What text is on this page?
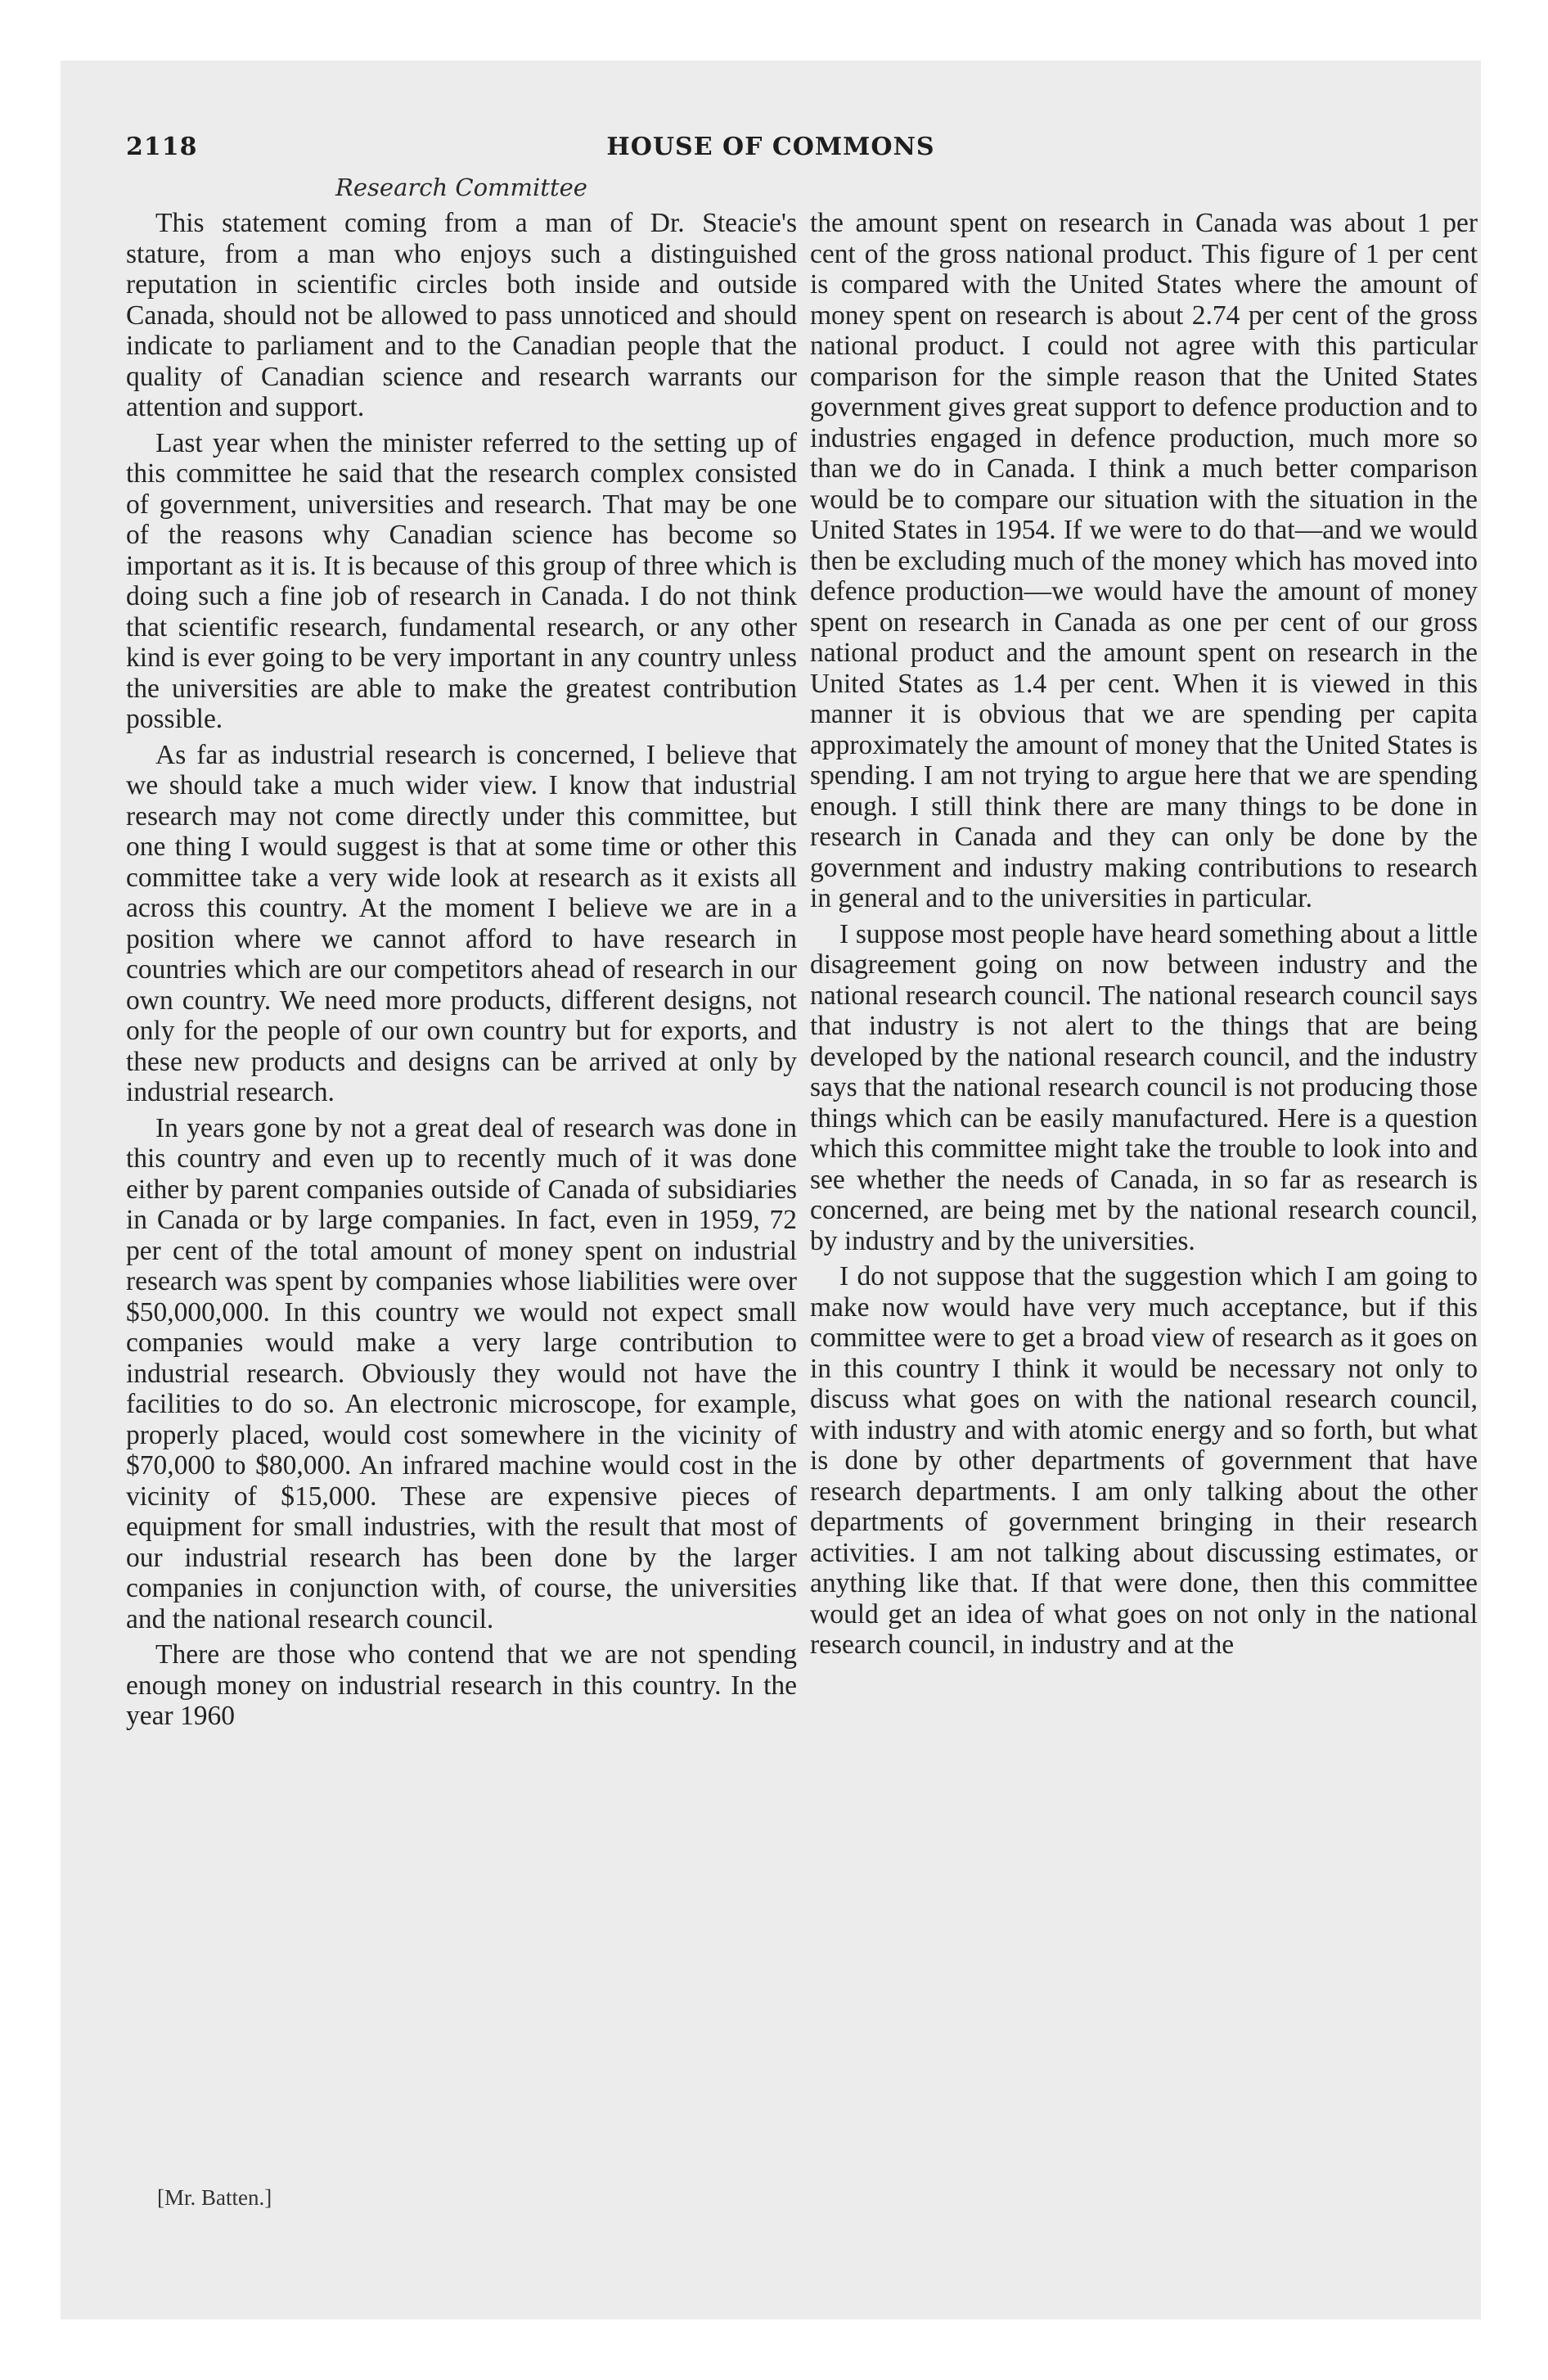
2118	HOUSE OF COMMONS
Research Committee

This statement coming from a man of Dr. Steacie's stature, from a man who enjoys such a distinguished reputation in scientific circles both inside and outside Canada, should not be allowed to pass unnoticed and should indicate to parliament and to the Canadian people that the quality of Canadian science and research warrants our attention and support.

Last year when the minister referred to the setting up of this committee he said that the research complex consisted of government, universities and research. That may be one of the reasons why Canadian science has become so important as it is. It is because of this group of three which is doing such a fine job of research in Canada. I do not think that scientific research, fundamental research, or any other kind is ever going to be very important in any country unless the universities are able to make the greatest contribution possible.

As far as industrial research is concerned, I believe that we should take a much wider view. I know that industrial research may not come directly under this committee, but one thing I would suggest is that at some time or other this committee take a very wide look at research as it exists all across this country. At the moment I believe we are in a position where we cannot afford to have research in countries which are our competitors ahead of research in our own country. We need more products, different designs, not only for the people of our own country but for exports, and these new products and designs can be arrived at only by industrial research.

In years gone by not a great deal of research was done in this country and even up to recently much of it was done either by parent companies outside of Canada of subsidiaries in Canada or by large companies. In fact, even in 1959, 72 per cent of the total amount of money spent on industrial research was spent by companies whose liabilities were over $50,000,000. In this country we would not expect small companies would make a very large contribution to industrial research. Obviously they would not have the facilities to do so. An electronic microscope, for example, properly placed, would cost somewhere in the vicinity of $70,000 to $80,000. An infrared machine would cost in the vicinity of $15,000. These are expensive pieces of equipment for small industries, with the result that most of our industrial research has been done by the larger companies in conjunction with, of course, the universities and the national research council.

There are those who contend that we are not spending enough money on industrial research in this country. In the year 1960

the amount spent on research in Canada was about 1 per cent of the gross national product. This figure of 1 per cent is compared with the United States where the amount of money spent on research is about 2.74 per cent of the gross national product. I could not agree with this particular comparison for the simple reason that the United States government gives great support to defence production and to industries engaged in defence production, much more so than we do in Canada. I think a much better comparison would be to compare our situation with the situation in the United States in 1954. If we were to do that—and we would then be excluding much of the money which has moved into defence production—we would have the amount of money spent on research in Canada as one per cent of our gross national product and the amount spent on research in the United States as 1.4 per cent. When it is viewed in this manner it is obvious that we are spending per capita approximately the amount of money that the United States is spending. I am not trying to argue here that we are spending enough. I still think there are many things to be done in research in Canada and they can only be done by the government and industry making contributions to research in general and to the universities in particular.

I suppose most people have heard something about a little disagreement going on now between industry and the national research council. The national research council says that industry is not alert to the things that are being developed by the national research council, and the industry says that the national research council is not producing those things which can be easily manufactured. Here is a question which this committee might take the trouble to look into and see whether the needs of Canada, in so far as research is concerned, are being met by the national research council, by industry and by the universities.

I do not suppose that the suggestion which I am going to make now would have very much acceptance, but if this committee were to get a broad view of research as it goes on in this country I think it would be necessary not only to discuss what goes on with the national research council, with industry and with atomic energy and so forth, but what is done by other departments of government that have research departments. I am only talking about the other departments of government bringing in their research activities. I am not talking about discussing estimates, or anything like that. If that were done, then this committee would get an idea of what goes on not only in the national research council, in industry and at the

[Mr. Batten.]
